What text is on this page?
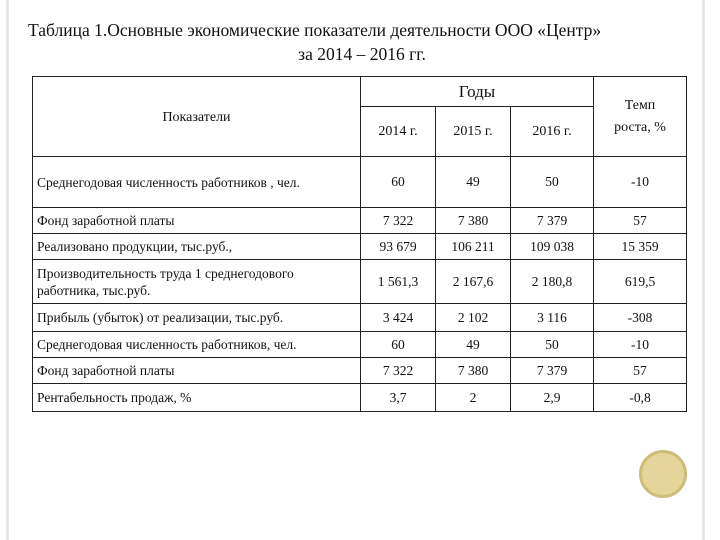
Таблица 1.Основные экономические показатели деятельности ООО «Центр»
за 2014 – 2016 гг.
Показатели	Годы			Темп
роста, %

	2014 г.	2015 г.	2016 г.	
Среднегодовая численность работников , чел.	60	49	50	-10
Фонд заработной платы	7 322	7 380	7 379	57
Реализовано продукции, тыс.руб.,	93 679	106 211	109 038	15 359
Производительность труда 1 среднегодового работника, тыс.руб.	1 561,3	2 167,6	2 180,8	619,5
Прибыль (убыток) от реализации, тыс.руб.	3 424	2 102	3 116	-308
Среднегодовая численность работников, чел.	60	49	50	-10
Фонд заработной платы	7 322	7 380	7 379	57
Рентабельность продаж, %	3,7	2	2,9	-0,8
